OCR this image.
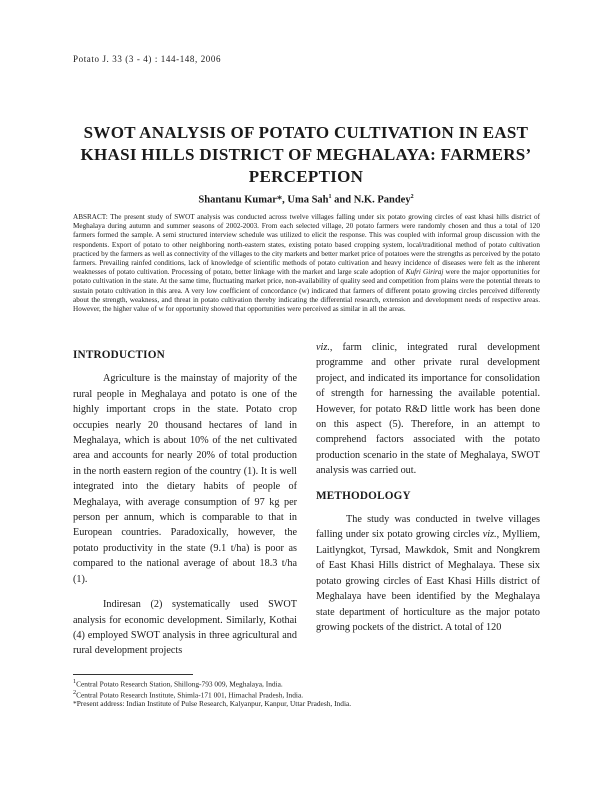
Potato J. 33 (3 - 4) : 144-148, 2006
SWOT ANALYSIS OF POTATO CULTIVATION IN EAST KHASI HILLS DISTRICT OF MEGHALAYA: FARMERS’ PERCEPTION
Shantanu Kumar*, Uma Sah$^1$ and N.K. Pandey$^2$
ABSRACT: The present study of SWOT analysis was conducted across twelve villages falling under six potato growing circles of east khasi hills district of Meghalaya during autumn and summer seasons of 2002-2003. From each selected village, 20 potato farmers were randomly chosen and thus a total of 120 farmers formed the sample. A semi structured interview schedule was utilized to elicit the response. This was coupled with informal group discussion with the respondents. Export of potato to other neighboring north-eastern states, existing potato based cropping system, local/traditional method of potato cultivation practiced by the farmers as well as connectivity of the villages to the city markets and better market price of potatoes were the strengths as perceived by the potato farmers. Prevailing rainfed conditions, lack of knowledge of scientific methods of potato cultivation and heavy incidence of diseases were felt as the inherent weaknesses of potato cultivation. Processing of potato, better linkage with the market and large scale adoption of Kufri Giriraj were the major opportunities for potato cultivation in the state. At the same time, fluctuating market price, non-availability of quality seed and competition from plains were the potential threats to sustain potato cultivation in this area. A very low coefficient of concordance (w) indicated that farmers of different potato growing circles perceived differently about the strength, weakness, and threat in potato cultivation thereby indicating the differential research, extension and development needs of respective areas. However, the higher value of w for opportunity showed that opportunities were perceived as similar in all the areas.
INTRODUCTION

Agriculture is the mainstay of majority of the rural people in Meghalaya and potato is one of the highly important crops in the state. Potato crop occupies nearly 20 thousand hectares of land in Meghalaya, which is about 10% of the net cultivated area and accounts for nearly 20% of total production in the north eastern region of the country (1). It is well integrated into the dietary habits of people of Meghalaya, with average consumption of 97 kg per person per annum, which is comparable to that in European countries. Paradoxically, however, the potato productivity in the state (9.1 t/ha) is poor as compared to the national average of about 18.3 t/ha (1).

Indiresan (2) systematically used SWOT analysis for economic development. Similarly, Kothai (4) employed SWOT analysis in three agricultural and rural development projects

viz., farm clinic, integrated rural development programme and other private rural development project, and indicated its importance for consolidation of strength for harnessing the available potential. However, for potato R&D little work has been done on this aspect (5). Therefore, in an attempt to comprehend factors associated with the potato production scenario in the state of Meghalaya, SWOT analysis was carried out.

METHODOLOGY

The study was conducted in twelve villages falling under six potato growing circles viz., Mylliem, Laitlyngkot, Tyrsad, Mawkdok, Smit and Nongkrem of East Khasi Hills district of Meghalaya. These six potato growing circles of East Khasi Hills district of Meghalaya have been identified by the Meghalaya state department of horticulture as the major potato growing pockets of the district. A total of 120

$^1$Central Potato Research Station, Shillong-793 009, Meghalaya, India.
$^2$Central Potato Research Institute, Shimla-171 001, Himachal Pradesh, India.
*Present address: Indian Institute of Pulse Research, Kalyanpur, Kanpur, Uttar Pradesh, India.
